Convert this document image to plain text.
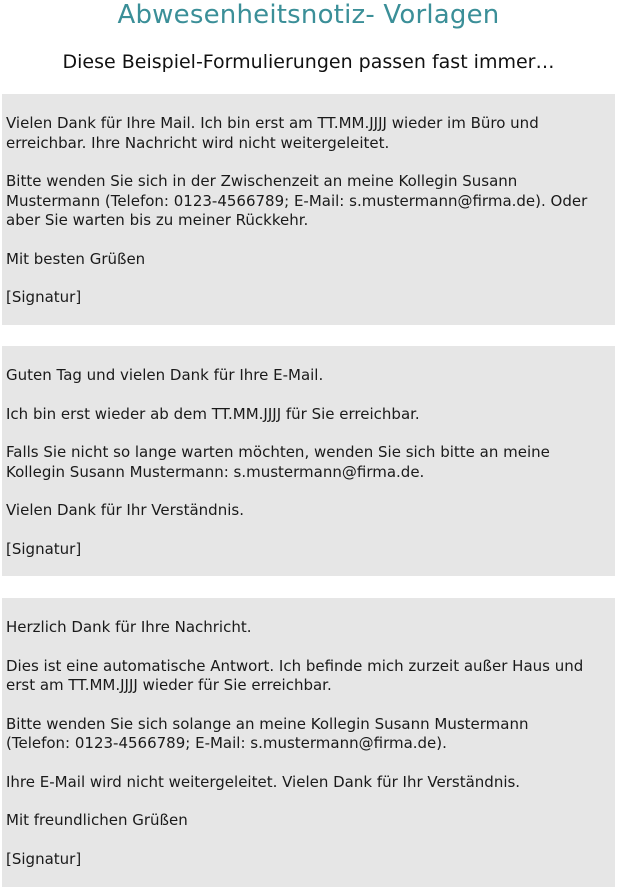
Abwesenheitsnotiz- Vorlagen
Diese Beispiel-Formulierungen passen fast immer…

Vielen Dank für Ihre Mail. Ich bin erst am TT.MM.JJJJ wieder im Büro und
erreichbar. Ihre Nachricht wird nicht weitergeleitet.

Bitte wenden Sie sich in der Zwischenzeit an meine Kollegin Susann
Mustermann (Telefon: 0123-4566789; E-Mail: s.mustermann@firma.de). Oder
aber Sie warten bis zu meiner Rückkehr.

Mit besten Grüßen

[Signatur]

Guten Tag und vielen Dank für Ihre E-Mail.

Ich bin erst wieder ab dem TT.MM.JJJJ für Sie erreichbar.

Falls Sie nicht so lange warten möchten, wenden Sie sich bitte an meine
Kollegin Susann Mustermann: s.mustermann@firma.de.

Vielen Dank für Ihr Verständnis.

[Signatur]

Herzlich Dank für Ihre Nachricht.

Dies ist eine automatische Antwort. Ich befinde mich zurzeit außer Haus und
erst am TT.MM.JJJJ wieder für Sie erreichbar.

Bitte wenden Sie sich solange an meine Kollegin Susann Mustermann
(Telefon: 0123-4566789; E-Mail: s.mustermann@firma.de).

Ihre E-Mail wird nicht weitergeleitet. Vielen Dank für Ihr Verständnis.

Mit freundlichen Grüßen

[Signatur]
